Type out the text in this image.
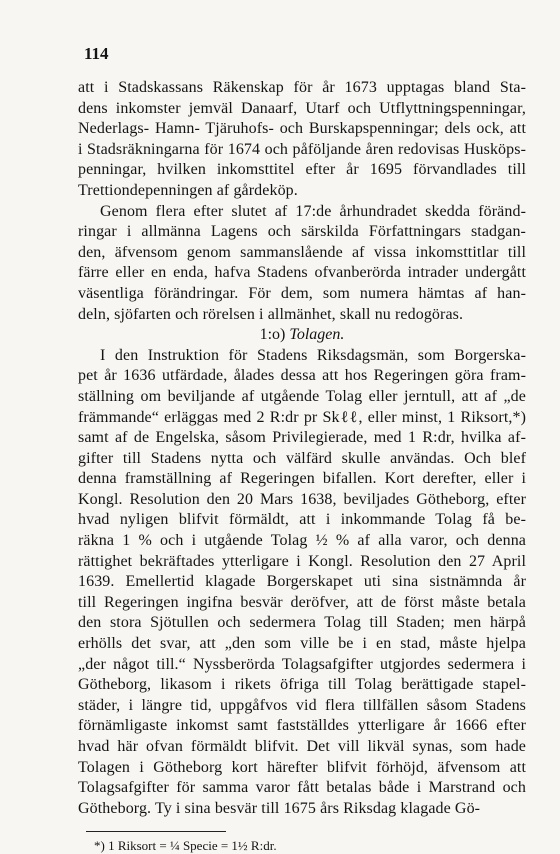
114

att i Stadskassans Räkenskap för år 1673 upptagas bland Sta-
dens inkomster jemväl Danaarf, Utarf och Utflyttningspenningar,
Nederlags- Hamn- Tjäruhofs- och Burskapspenningar; dels ock, att
i Stadsräkningarna för 1674 och påföljande åren redovisas Husköps-
penningar, hvilken inkomsttitel efter år 1695 förvandlades till
Trettiondepenningen af gårdeköp.

Genom flera efter slutet af 17:de århundradet skedda föränd-
ringar i allmänna Lagens och särskilda Författningars stadgan-
den, äfvensom genom sammanslående af vissa inkomsttitlar till
färre eller en enda, hafva Stadens ofvanberörda intrader undergått
väsentliga förändringar. För dem, som numera hämtas af han-
deln, sjöfarten och rörelsen i allmänhet, skall nu redogöras.

1:o) Tolagen.

I den Instruktion för Stadens Riksdagsmän, som Borgerska-
pet år 1636 utfärdade, ålades dessa att hos Regeringen göra fram-
ställning om beviljande af utgående Tolag eller jerntull, att af „de
främmande“ erläggas med 2 R:dr pr Skℓℓ, eller minst, 1 Riksort,*)
samt af de Engelska, såsom Privilegierade, med 1 R:dr, hvilka af-
gifter till Stadens nytta och välfärd skulle användas. Och blef
denna framställning af Regeringen bifallen. Kort derefter, eller i
Kongl. Resolution den 20 Mars 1638, beviljades Götheborg, efter
hvad nyligen blifvit förmäldt, att i inkommande Tolag få be-
räkna 1 % och i utgående Tolag ½ % af alla varor, och denna
rättighet bekräftades ytterligare i Kongl. Resolution den 27 April
1639. Emellertid klagade Borgerskapet uti sina sistnämnda år
till Regeringen ingifna besvär deröfver, att de först måste betala
den stora Sjötullen och sedermera Tolag till Staden; men härpå
erhölls det svar, att „den som ville be i en stad, måste hjelpa
„der något till.“ Nyssberörda Tolagsafgifter utgjordes sedermera i
Götheborg, likasom i rikets öfriga till Tolag berättigade stapel-
städer, i längre tid, uppgåfvos vid flera tillfällen såsom Stadens
förnämligaste inkomst samt fastställdes ytterligare år 1666 efter
hvad här ofvan förmäldt blifvit. Det vill likväl synas, som hade
Tolagen i Götheborg kort härefter blifvit förhöjd, äfvensom att
Tolagsafgifter för samma varor fått betalas både i Marstrand och
Götheborg. Ty i sina besvär till 1675 års Riksdag klagade Gö-

*) 1 Riksort = ¼ Specie = 1½ R:dr.
